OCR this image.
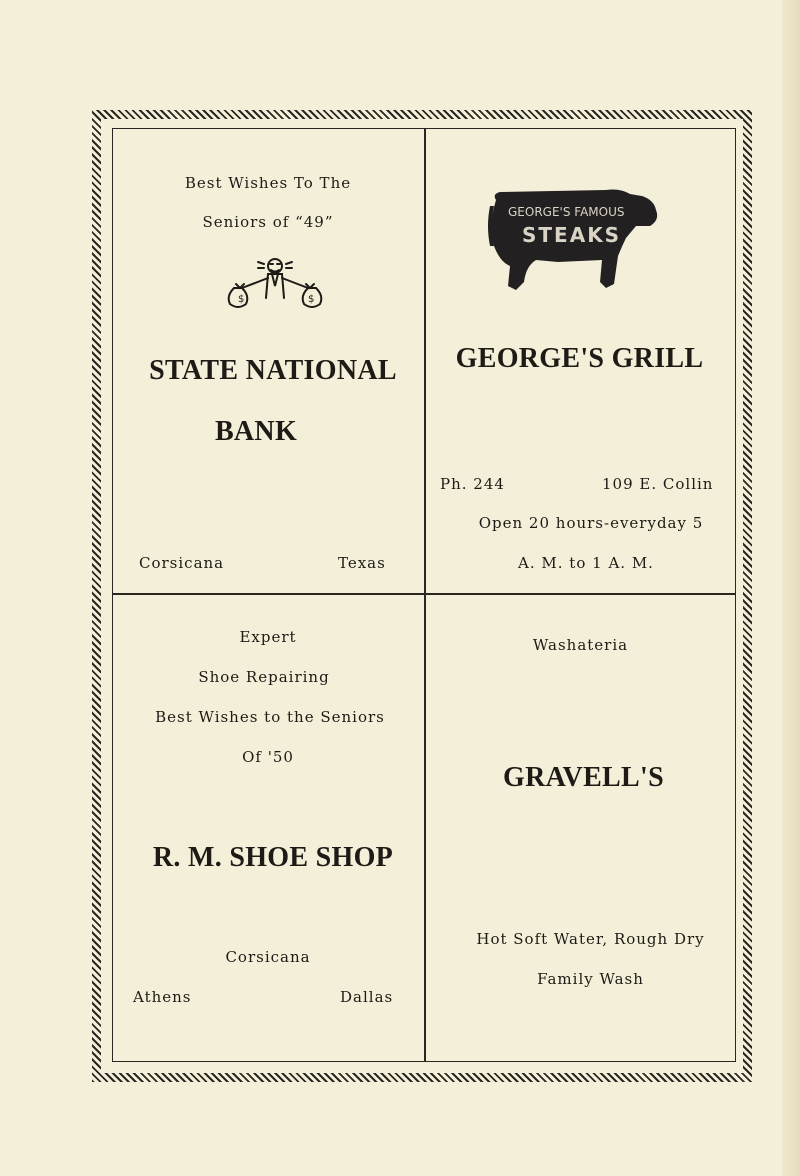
Best Wishes To The
Seniors of “49”
$	$
STATE NATIONAL
BANK
Corsicana	Texas
GEORGE'S FAMOUS
STEAKS
GEORGE'S GRILL
Ph. 244	109 E. Collin
Open 20 hours-everyday 5
A. M. to 1 A. M.
Expert
Shoe Repairing
Best Wishes to the Seniors
Of '50
R. M. SHOE SHOP
Corsicana
Athens	Dallas
Washateria
GRAVELL'S
Hot Soft Water, Rough Dry
Family Wash
